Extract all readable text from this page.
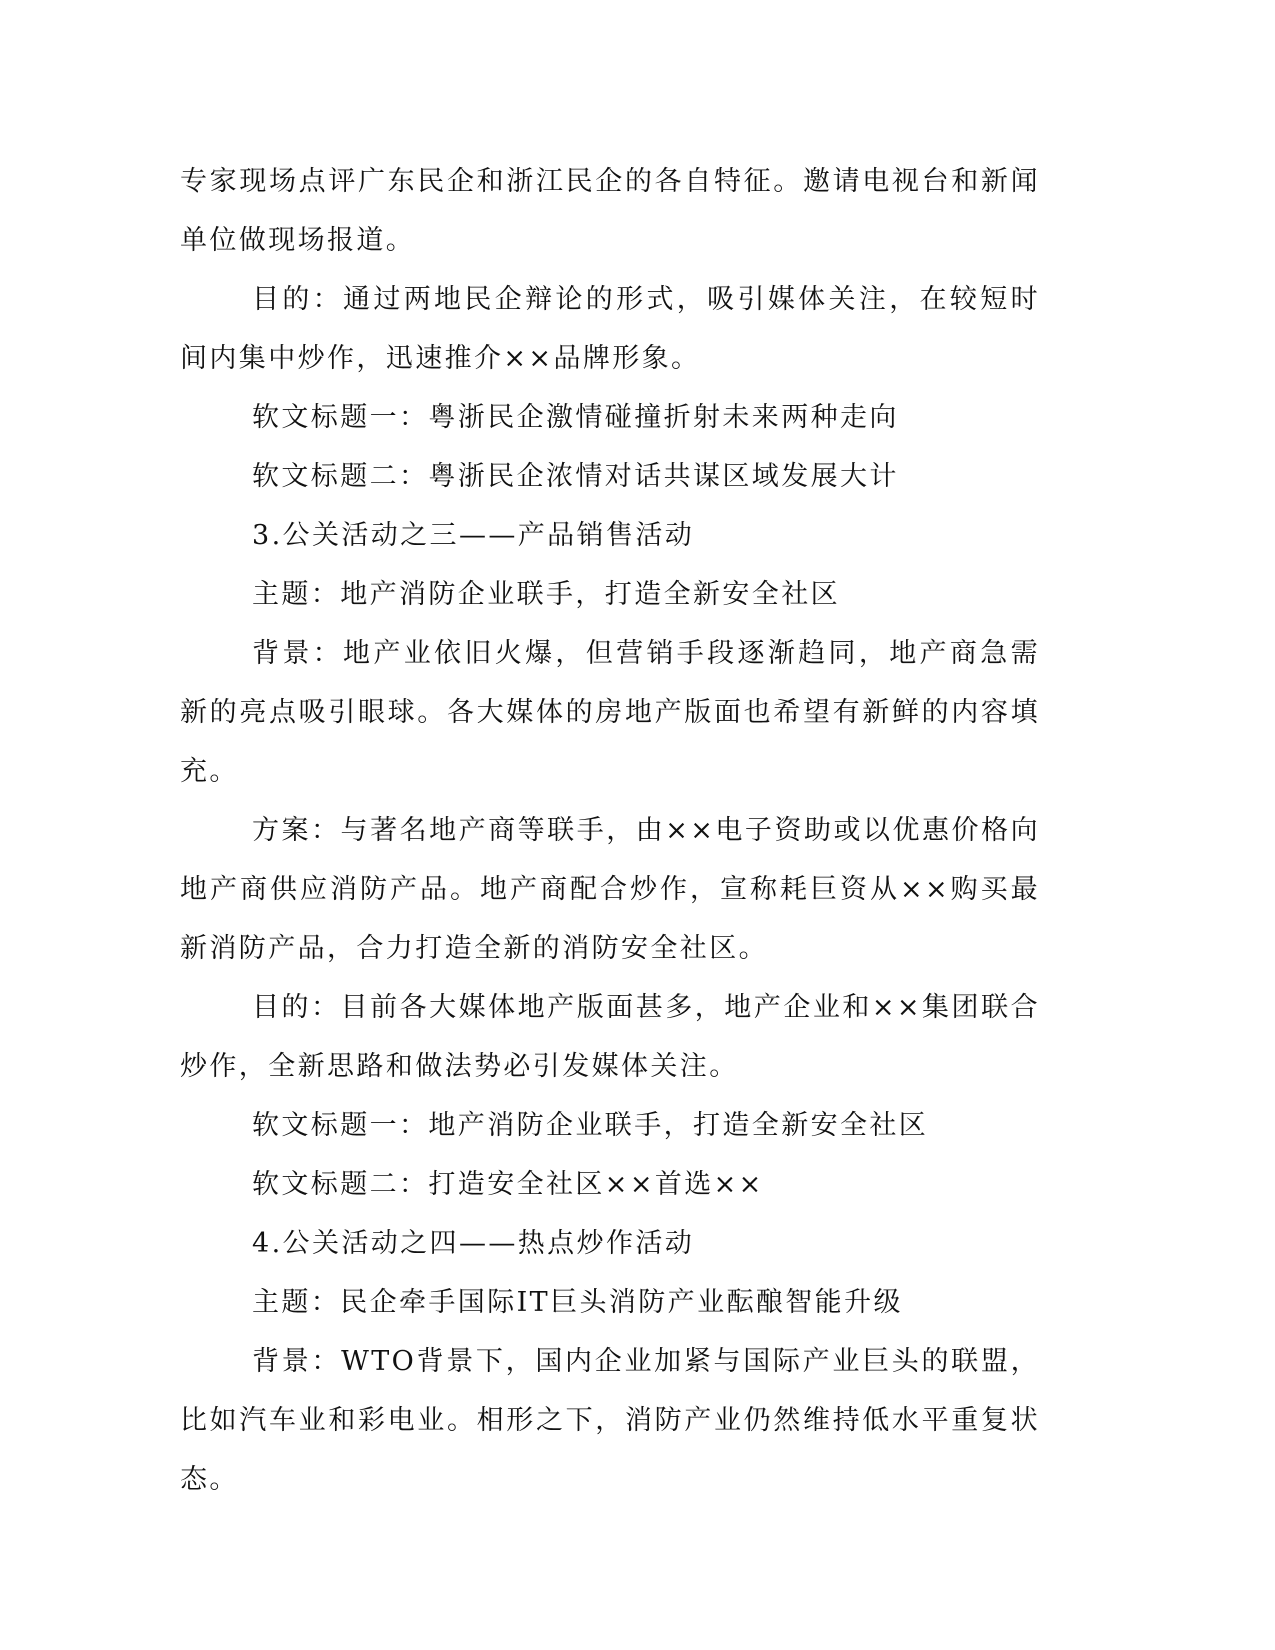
专家现场点评广东民企和浙江民企的各自特征。邀请电视台和新闻单位做现场报道。

目的：通过两地民企辩论的形式，吸引媒体关注，在较短时间内集中炒作，迅速推介××品牌形象。

软文标题一：粤浙民企激情碰撞折射未来两种走向

软文标题二：粤浙民企浓情对话共谋区域发展大计

3.公关活动之三——产品销售活动

主题：地产消防企业联手，打造全新安全社区

背景：地产业依旧火爆，但营销手段逐渐趋同，地产商急需新的亮点吸引眼球。各大媒体的房地产版面也希望有新鲜的内容填充。

方案：与著名地产商等联手，由××电子资助或以优惠价格向地产商供应消防产品。地产商配合炒作，宣称耗巨资从××购买最新消防产品，合力打造全新的消防安全社区。

目的：目前各大媒体地产版面甚多，地产企业和××集团联合炒作，全新思路和做法势必引发媒体关注。

软文标题一：地产消防企业联手，打造全新安全社区

软文标题二：打造安全社区××首选××

4.公关活动之四——热点炒作活动

主题：民企牵手国际IT巨头消防产业酝酿智能升级

背景：WTO背景下，国内企业加紧与国际产业巨头的联盟，比如汽车业和彩电业。相形之下，消防产业仍然维持低水平重复状态。
